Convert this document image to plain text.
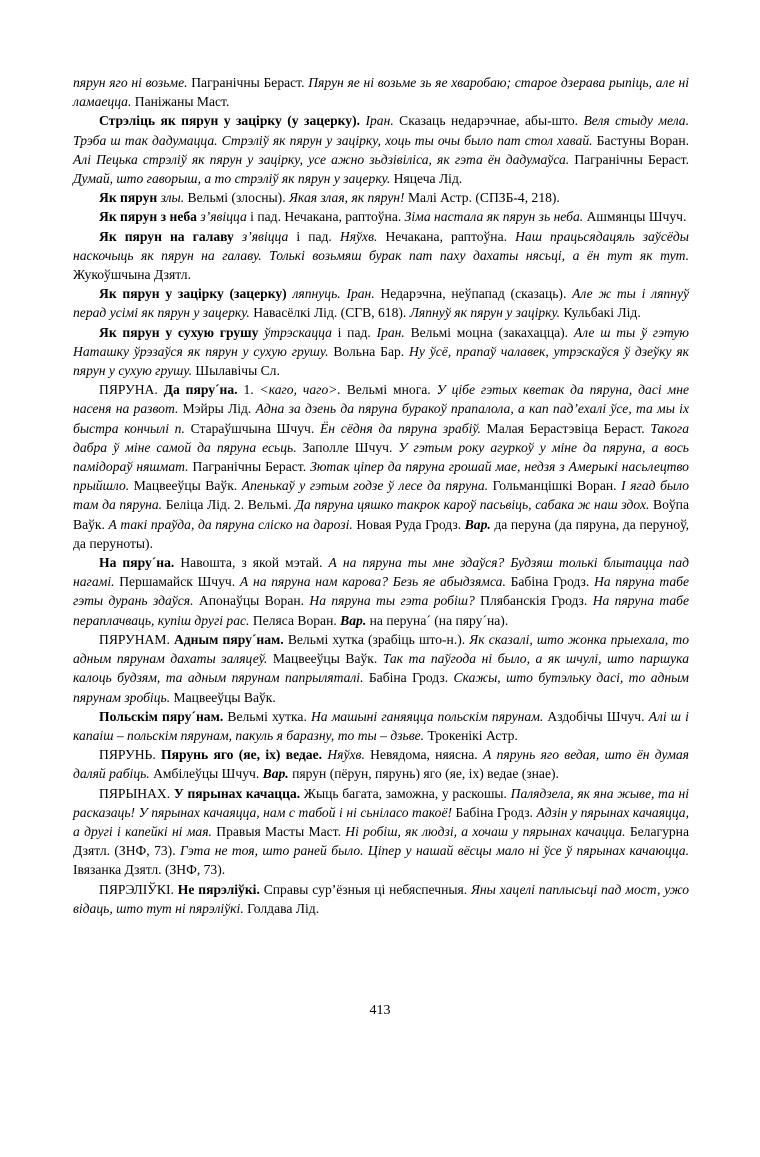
пярун яго ні возьме. Пагранічны Бераст. Пярун яе ні возьме зь яе хваробаю; старое дзерава рыпіць, але ні ламаецца. Паніжаны Маст.

Стрэліць як пярун у зацірку (у зацерку). Іран. Сказаць недарэчнае, абы-што. Веля стыду мела. Трэба ш так дадумацца. Стрэліў як пярун у зацірку, хоць ты очы было пат стол хавай. Бастуны Воран. Алі Пецька стрэліў як пярун у зацірку, усе ажно зьдзівіліса, як гэта ён дадумаўса. Пагранічны Бераст. Думай, што гаворыш, а то стрэліў як пярун у зацерку. Няцеча Лід.

Як пярун злы. Вельмі (злосны). Якая злая, як пярун! Малі Астр. (СПЗБ-4, 218).

Як пярун з неба з’явіцца і пад. Нечакана, раптоўна. Зіма настала як пярун зь неба. Ашмянцы Шчуч.

Як пярун на галаву з’явіцца і пад. Няўхв. Нечакана, раптоўна. Наш працьсядацяль заўсёды наскочыць як пярун на галаву. Толькі возьмяш бурак пат паху дахаты нясьці, а ён тут як тут. Жукоўшчына Дзятл.

Як пярун у зацірку (зацерку) ляпнуць. Іран. Недарэчна, неўпапад (сказаць). Але ж ты і ляпнуў перад усімі як пярун у зацерку. Навасёлкі Лід. (СГВ, 618). Ляпнуў як пярун у зацірку. Кульбакі Лід.

Як пярун у сухую грушу ўтрэскацца і пад. Іран. Вельмі моцна (закахацца). Але ш ты ў гэтую Наташку ўрэзаўся як пярун у сухую грушу. Вольна Бар. Ну ўсё, прапаў чалавек, утрэскаўся ў дзеўку як пярун у сухую грушу. Шылавічы Сл.

ПЯРУНА. Да пяру´на. 1. <каго, чаго>. Вельмі многа. У цібе гэтых кветак да пяруна, дасі мне насеня на развот. Мэйры Лід. Адна за дзень да пяруна буракоў прапалола, а кап пад’ехалі ўсе, та мы іх быстра кончылі п. Стараўшчына Шчуч. Ён сёдня да пяруна зрабіў. Малая Берастэвіца Бераст. Такога дабра ў міне самой да пяруна есьць. Заполле Шчуч. У гэтым року агуркоў у міне да пяруна, а вось памідораў няшмат. Пагранічны Бераст. Зютак ціпер да пяруна грошай мае, недзя з Амерыкі насьлецтво прыйшло. Мацвееўцы Ваўк. Апенькаў у гэтым годзе ў лесе да пяруна. Гольманцішкі Воран. І ягад было там да пяруна. Беліца Лід. 2. Вельмі. Да пяруна цяшко такрок кароў пасьвіць, сабака ж наш здох. Воўпа Ваўк. А такі праўда, да пяруна сліско на дарозі. Новая Руда Гродз. Вар. да перуна (да пяруна, да перуноў, да перуноты).

На пяру´на. Навошта, з якой мэтай. А на пяруна ты мне здаўся? Будзяш толькі блытацца пад нагамі. Першамайск Шчуч. А на пяруна нам карова? Безь яе абыдзямса. Бабіна Гродз. На пяруна табе гэты дурань здаўся. Апонаўцы Воран. На пяруна ты гэта робіш? Плябанскія Гродз. На пяруна табе пераплачваць, купіш другі рас. Пеляса Воран. Вар. на перуна´ (на пяру´на).

ПЯРУНАМ. Адным пяру´нам. Вельмі хутка (зрабіць што-н.). Як сказалі, што жонка прыехала, то адным пярунам дахаты заляцеў. Мацвееўцы Ваўк. Так та паўгода ні было, а як шчулі, што паршука калоць будзям, та адным пярунам папрыляталі. Бабіна Гродз. Скажы, што бутэльку дасі, то адным пярунам зробіць. Мацвееўцы Ваўк.

Польскім пяру´нам. Вельмі хутка. На машыні ганяяцца польскім пярунам. Аздобічы Шчуч. Алі ш і капаіш – польскім пярунам, пакуль я баразну, то ты – дзьве. Трокенікі Астр.

ПЯРУНЬ. Пярунь яго (яе, іх) ведае. Няўхв. Невядома, няясна. А пярунь яго ведая, што ён думая даляй рабіць. Амбілеўцы Шчуч. Вар. пярун (пёрун, пярунь) яго (яе, іх) ведае (знае).

ПЯРЫНАХ. У пярынах качацца. Жыць багата, заможна, у раскошы. Палядзела, як яна жыве, та ні расказаць! У пярынах качаяцца, нам с табой і ні сьніласо такоё! Бабіна Гродз. Адзін у пярынах качаяцца, а другі і капейкі ні мая. Правыя Масты Маст. Ні робіш, як людзі, а хочаш у пярынах качацца. Белагурна Дзятл. (ЗНФ, 73). Гэта не тоя, што раней было. Ціпер у нашай вёсцы мало ні ўсе ў пярынах качаюцца. Івязанка Дзятл. (ЗНФ, 73).

ПЯРЭЛІЎКІ. Не пярэліўкі. Справы сур’ёзныя ці небяспечныя. Яны хацелі паплысьці пад мост, ужо відаць, што тут ні пярэліўкі. Голдава Лід.

413
